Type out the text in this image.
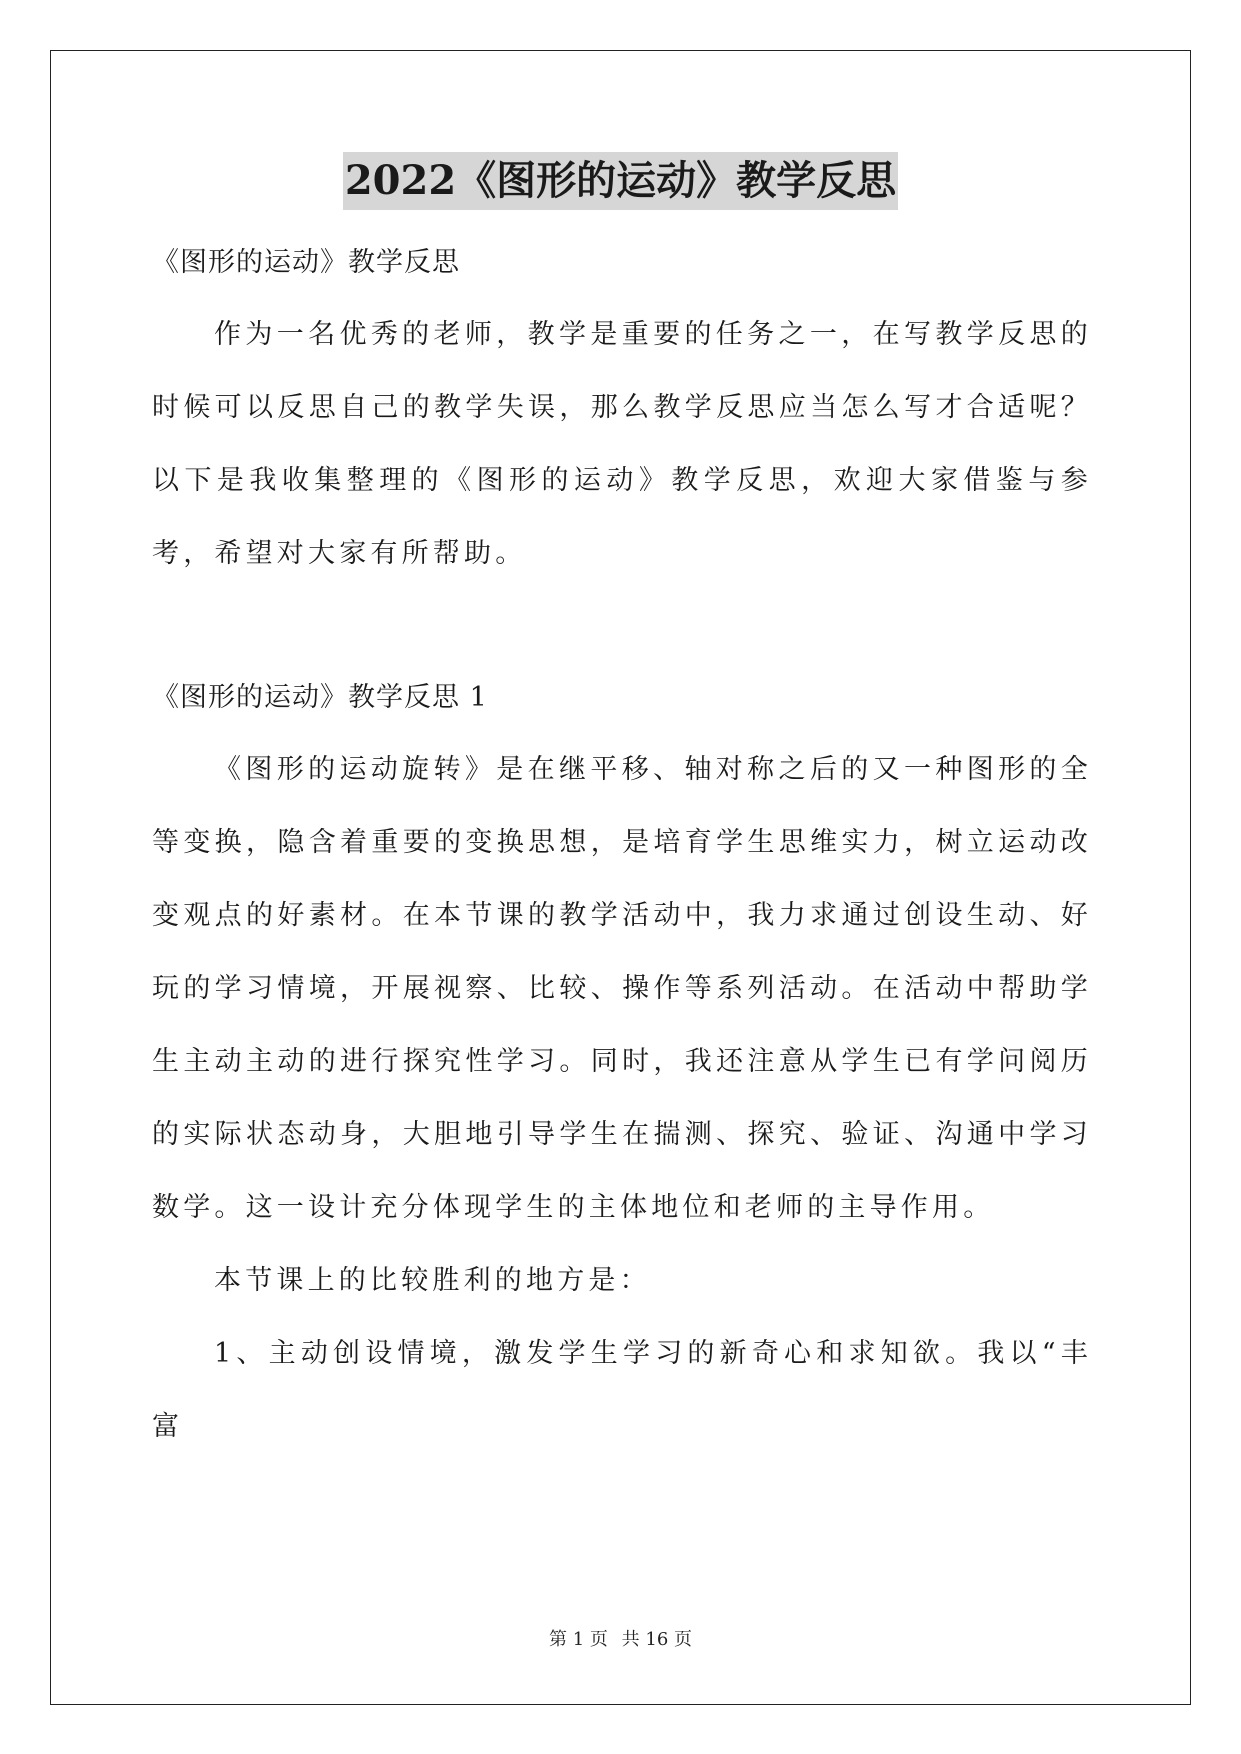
2022《图形的运动》教学反思
《图形的运动》教学反思
作为一名优秀的老师，教学是重要的任务之一，在写教学反思的时候可以反思自己的教学失误，那么教学反思应当怎么写才合适呢？以下是我收集整理的《图形的运动》教学反思，欢迎大家借鉴与参考，希望对大家有所帮助。
《图形的运动》教学反思 1
《图形的运动旋转》是在继平移、轴对称之后的又一种图形的全等变换，隐含着重要的变换思想，是培育学生思维实力，树立运动改变观点的好素材。在本节课的教学活动中，我力求通过创设生动、好玩的学习情境，开展视察、比较、操作等系列活动。在活动中帮助学生主动主动的进行探究性学习。同时，我还注意从学生已有学问阅历的实际状态动身，大胆地引导学生在揣测、探究、验证、沟通中学习数学。这一设计充分体现学生的主体地位和老师的主导作用。
本节课上的比较胜利的地方是：
1、主动创设情境，激发学生学习的新奇心和求知欲。我以“丰富
第 1 页 共 16 页
